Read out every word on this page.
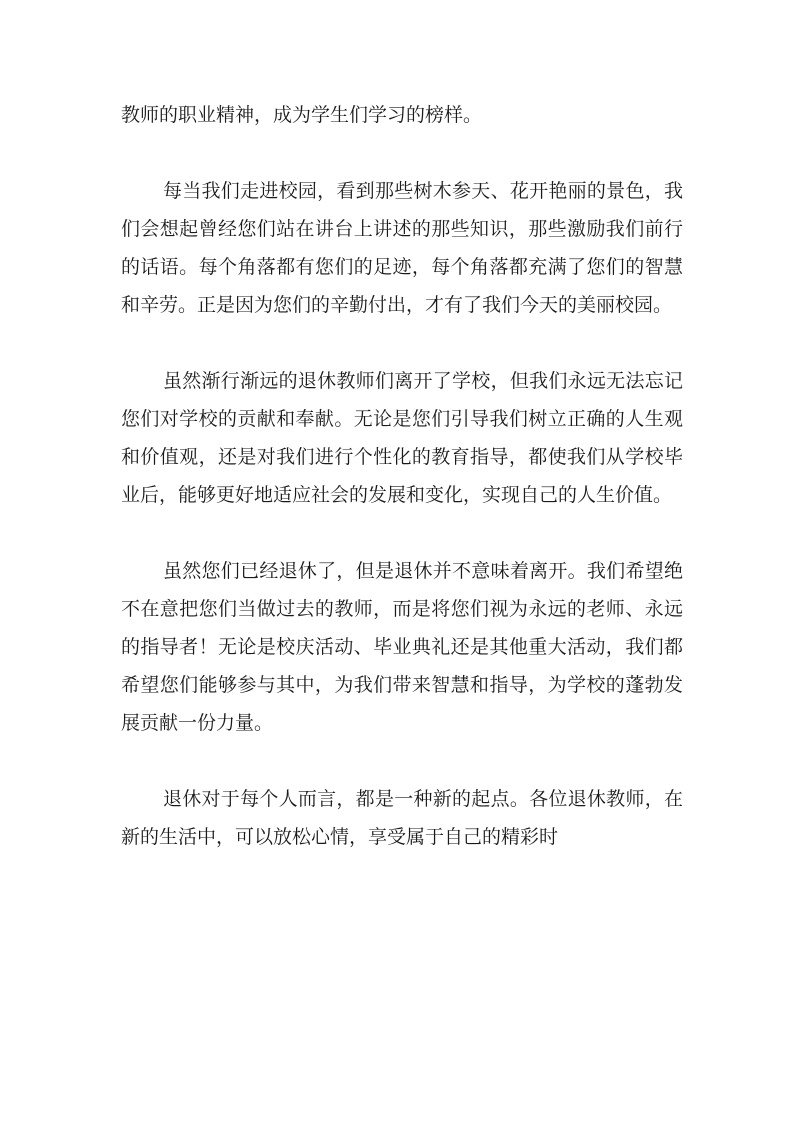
教师的职业精神，成为学生们学习的榜样。

每当我们走进校园，看到那些树木参天、花开艳丽的景色，我们会想起曾经您们站在讲台上讲述的那些知识，那些激励我们前行的话语。每个角落都有您们的足迹，每个角落都充满了您们的智慧和辛劳。正是因为您们的辛勤付出，才有了我们今天的美丽校园。

虽然渐行渐远的退休教师们离开了学校，但我们永远无法忘记您们对学校的贡献和奉献。无论是您们引导我们树立正确的人生观和价值观，还是对我们进行个性化的教育指导，都使我们从学校毕业后，能够更好地适应社会的发展和变化，实现自己的人生价值。

虽然您们已经退休了，但是退休并不意味着离开。我们希望绝不在意把您们当做过去的教师，而是将您们视为永远的老师、永远的指导者！无论是校庆活动、毕业典礼还是其他重大活动，我们都希望您们能够参与其中，为我们带来智慧和指导，为学校的蓬勃发展贡献一份力量。

退休对于每个人而言，都是一种新的起点。各位退休教师，在新的生活中，可以放松心情，享受属于自己的精彩时
